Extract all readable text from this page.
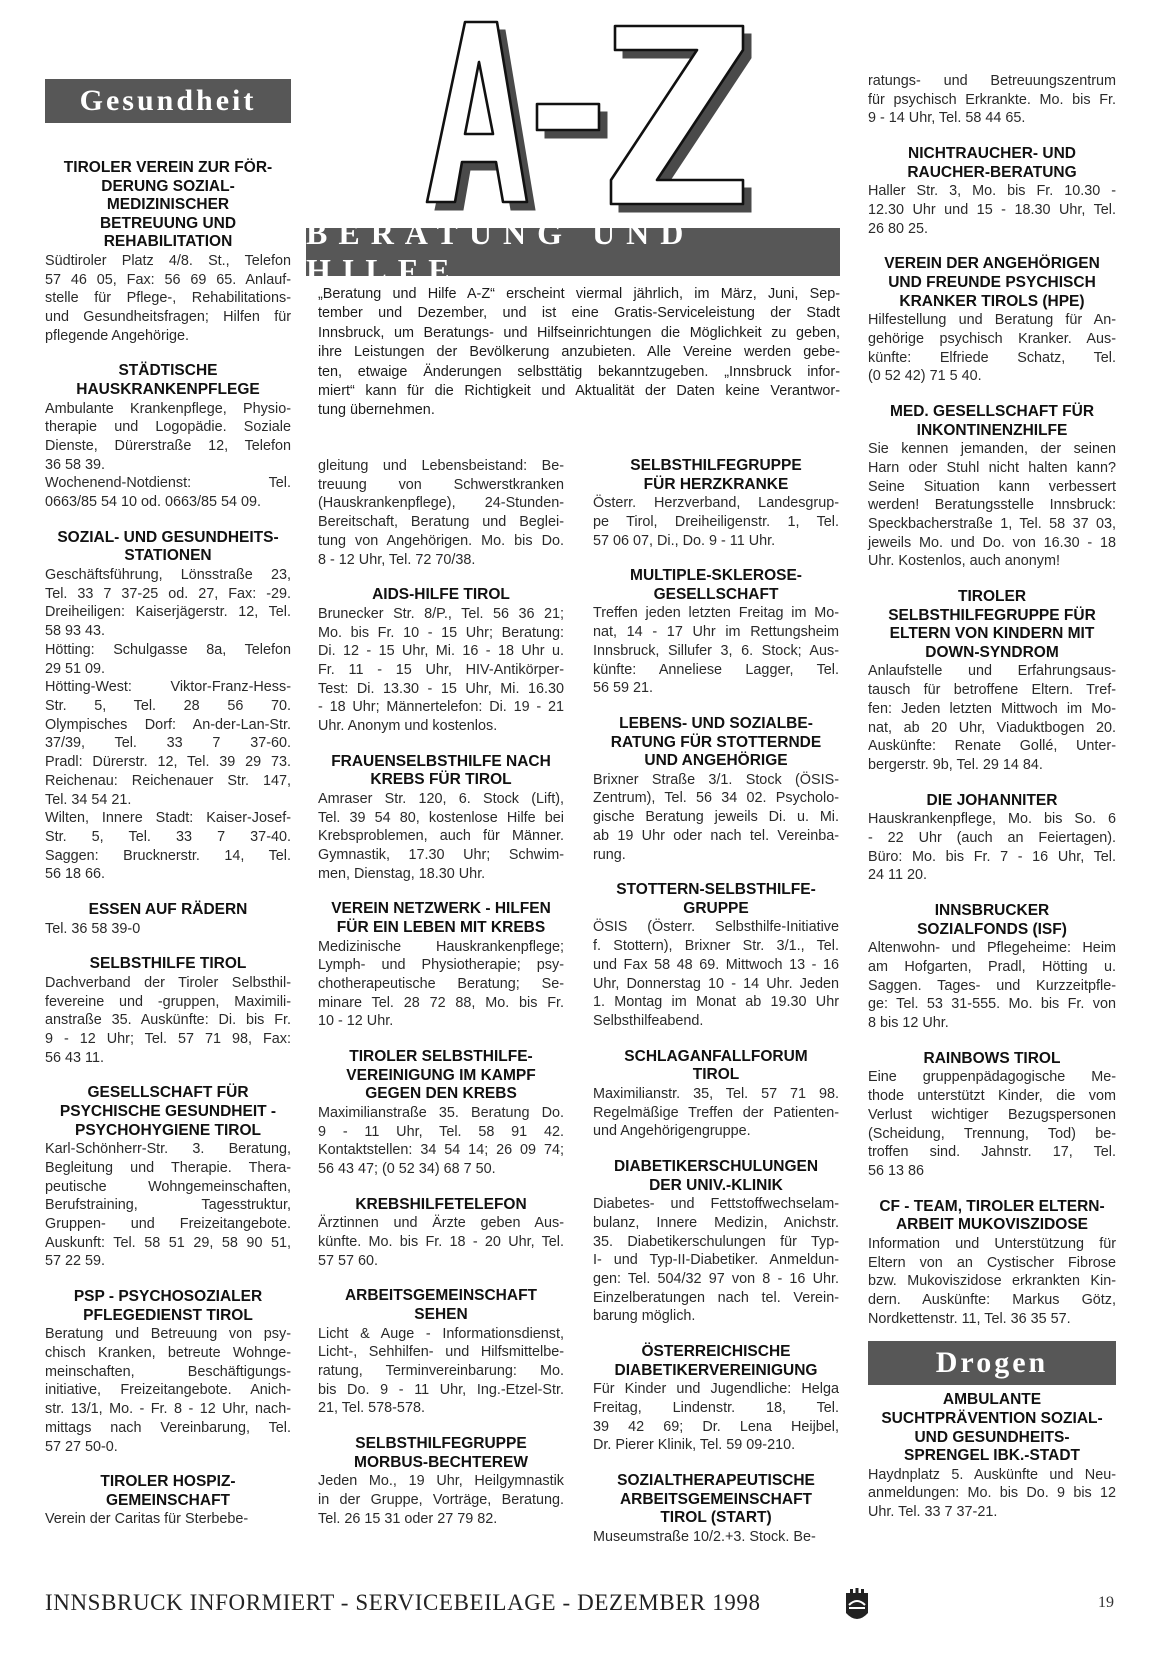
BERATUNG UND HILFE
„Beratung und Hilfe A-Z“ erscheint viermal jährlich, im März, Juni, Sep-
tember und Dezember, und ist eine Gratis-Serviceleistung der Stadt
Innsbruck, um Beratungs- und Hilfseinrichtungen die Möglichkeit zu geben,
ihre Leistungen der Bevölkerung anzubieten. Alle Vereine werden gebe-
ten, etwaige Änderungen selbsttätig bekanntzugeben. „Innsbruck infor-
miert“ kann für die Richtigkeit und Aktualität der Daten keine Verantwor-
tung übernehmen.
Gesundheit
TIROLER VEREIN ZUR FÖR-
DERUNG SOZIAL-
MEDIZINISCHER
BETREUUNG UND
REHABILITATION
Südtiroler Platz 4/8. St., Telefon
57 46 05, Fax: 56 69 65. Anlauf-
stelle für Pflege-, Rehabilitations-
und Gesundheitsfragen; Hilfen für
pflegende Angehörige.
STÄDTISCHE
HAUSKRANKENPFLEGE
Ambulante Krankenpflege, Physio-
therapie und Logopädie. Soziale
Dienste, Dürerstraße 12, Telefon
36 58 39.
Wochenend-Notdienst: Tel.
0663/85 54 10 od. 0663/85 54 09.
SOZIAL- UND GESUNDHEITS-
STATIONEN
Geschäftsführung, Lönsstraße 23,
Tel. 33 7 37-25 od. 27, Fax: -29.
Dreiheiligen: Kaiserjägerstr. 12, Tel.
58 93 43.
Hötting: Schulgasse 8a, Telefon
29 51 09.
Hötting-West: Viktor-Franz-Hess-
Str. 5, Tel. 28 56 70.
Olympisches Dorf: An-der-Lan-Str.
37/39, Tel. 33 7 37-60.
Pradl: Dürerstr. 12, Tel. 39 29 73.
Reichenau: Reichenauer Str. 147,
Tel. 34 54 21.
Wilten, Innere Stadt: Kaiser-Josef-
Str. 5, Tel. 33 7 37-40.
Saggen: Brucknerstr. 14, Tel.
56 18 66.
ESSEN AUF RÄDERN
Tel. 36 58 39-0
SELBSTHILFE TIROL
Dachverband der Tiroler Selbsthil-
fevereine und -gruppen, Maximili-
anstraße 35. Auskünfte: Di. bis Fr.
9 - 12 Uhr; Tel. 57 71 98, Fax:
56 43 11.
GESELLSCHAFT FÜR
PSYCHISCHE GESUNDHEIT -
PSYCHOHYGIENE TIROL
Karl-Schönherr-Str. 3. Beratung,
Begleitung und Therapie. Thera-
peutische Wohngemeinschaften,
Berufstraining, Tagesstruktur,
Gruppen- und Freizeitangebote.
Auskunft: Tel. 58 51 29, 58 90 51,
57 22 59.
PSP - PSYCHOSOZIALER
PFLEGEDIENST TIROL
Beratung und Betreuung von psy-
chisch Kranken, betreute Wohnge-
meinschaften, Beschäftigungs-
initiative, Freizeitangebote. Anich-
str. 13/1, Mo. - Fr. 8 - 12 Uhr, nach-
mittags nach Vereinbarung, Tel.
57 27 50-0.
TIROLER HOSPIZ-
GEMEINSCHAFT
Verein der Caritas für Sterbebe-
gleitung und Lebensbeistand: Be-
treuung von Schwerstkranken
(Hauskrankenpflege), 24-Stunden-
Bereitschaft, Beratung und Beglei-
tung von Angehörigen. Mo. bis Do.
8 - 12 Uhr, Tel. 72 70/38.
AIDS-HILFE TIROL
Brunecker Str. 8/P., Tel. 56 36 21;
Mo. bis Fr. 10 - 15 Uhr; Beratung:
Di. 12 - 15 Uhr, Mi. 16 - 18 Uhr u.
Fr. 11 - 15 Uhr, HIV-Antikörper-
Test: Di. 13.30 - 15 Uhr, Mi. 16.30
- 18 Uhr; Männertelefon: Di. 19 - 21
Uhr. Anonym und kostenlos.
FRAUENSELBSTHILFE NACH
KREBS FÜR TIROL
Amraser Str. 120, 6. Stock (Lift),
Tel. 39 54 80, kostenlose Hilfe bei
Krebsproblemen, auch für Männer.
Gymnastik, 17.30 Uhr; Schwim-
men, Dienstag, 18.30 Uhr.
VEREIN NETZWERK - HILFEN
FÜR EIN LEBEN MIT KREBS
Medizinische Hauskrankenpflege;
Lymph- und Physiotherapie; psy-
chotherapeutische Beratung; Se-
minare Tel. 28 72 88, Mo. bis Fr.
10 - 12 Uhr.
TIROLER SELBSTHILFE-
VEREINIGUNG IM KAMPF
GEGEN DEN KREBS
Maximilianstraße 35. Beratung Do.
9 - 11 Uhr, Tel. 58 91 42.
Kontaktstellen: 34 54 14; 26 09 74;
56 43 47; (0 52 34) 68 7 50.
KREBSHILFETELEFON
Ärztinnen und Ärzte geben Aus-
künfte. Mo. bis Fr. 18 - 20 Uhr, Tel.
57 57 60.
ARBEITSGEMEINSCHAFT
SEHEN
Licht & Auge - Informationsdienst,
Licht-, Sehhilfen- und Hilfsmittelbe-
ratung, Terminvereinbarung: Mo.
bis Do. 9 - 11 Uhr, Ing.-Etzel-Str.
21, Tel. 578-578.
SELBSTHILFEGRUPPE
MORBUS-BECHTEREW
Jeden Mo., 19 Uhr, Heilgymnastik
in der Gruppe, Vorträge, Beratung.
Tel. 26 15 31 oder 27 79 82.
SELBSTHILFEGRUPPE
FÜR HERZKRANKE
Österr. Herzverband, Landesgrup-
pe Tirol, Dreiheiligenstr. 1, Tel.
57 06 07, Di., Do. 9 - 11 Uhr.
MULTIPLE-SKLEROSE-
GESELLSCHAFT
Treffen jeden letzten Freitag im Mo-
nat, 14 - 17 Uhr im Rettungsheim
Innsbruck, Sillufer 3, 6. Stock; Aus-
künfte: Anneliese Lagger, Tel.
56 59 21.
LEBENS- UND SOZIALBE-
RATUNG FÜR STOTTERNDE
UND ANGEHÖRIGE
Brixner Straße 3/1. Stock (ÖSIS-
Zentrum), Tel. 56 34 02. Psycholo-
gische Beratung jeweils Di. u. Mi.
ab 19 Uhr oder nach tel. Vereinba-
rung.
STOTTERN-SELBSTHILFE-
GRUPPE
ÖSIS (Österr. Selbsthilfe-Initiative
f. Stottern), Brixner Str. 3/1., Tel.
und Fax 58 48 69. Mittwoch 13 - 16
Uhr, Donnerstag 10 - 14 Uhr. Jeden
1. Montag im Monat ab 19.30 Uhr
Selbsthilfeabend.
SCHLAGANFALLFORUM
TIROL
Maximilianstr. 35, Tel. 57 71 98.
Regelmäßige Treffen der Patienten-
und Angehörigengruppe.
DIABETIKERSCHULUNGEN
DER UNIV.-KLINIK
Diabetes- und Fettstoffwechselam-
bulanz, Innere Medizin, Anichstr.
35. Diabetikerschulungen für Typ-
I- und Typ-II-Diabetiker. Anmeldun-
gen: Tel. 504/32 97 von 8 - 16 Uhr.
Einzelberatungen nach tel. Verein-
barung möglich.
ÖSTERREICHISCHE
DIABETIKERVEREINIGUNG
Für Kinder und Jugendliche: Helga
Freitag, Lindenstr. 18, Tel.
39 42 69; Dr. Lena Heijbel,
Dr. Pierer Klinik, Tel. 59 09-210.
SOZIALTHERAPEUTISCHE
ARBEITSGEMEINSCHAFT
TIROL (START)
Museumstraße 10/2.+3. Stock. Be-
ratungs- und Betreuungszentrum
für psychisch Erkrankte. Mo. bis Fr.
9 - 14 Uhr, Tel. 58 44 65.
NICHTRAUCHER- UND
RAUCHER-BERATUNG
Haller Str. 3, Mo. bis Fr. 10.30 -
12.30 Uhr und 15 - 18.30 Uhr, Tel.
26 80 25.
VEREIN DER ANGEHÖRIGEN
UND FREUNDE PSYCHISCH
KRANKER TIROLS (HPE)
Hilfestellung und Beratung für An-
gehörige psychisch Kranker. Aus-
künfte: Elfriede Schatz, Tel.
(0 52 42) 71 5 40.
MED. GESELLSCHAFT FÜR
INKONTINENZHILFE
Sie kennen jemanden, der seinen
Harn oder Stuhl nicht halten kann?
Seine Situation kann verbessert
werden! Beratungsstelle Innsbruck:
Speckbacherstraße 1, Tel. 58 37 03,
jeweils Mo. und Do. von 16.30 - 18
Uhr. Kostenlos, auch anonym!
TIROLER
SELBSTHILFEGRUPPE FÜR
ELTERN VON KINDERN MIT
DOWN-SYNDROM
Anlaufstelle und Erfahrungsaus-
tausch für betroffene Eltern. Tref-
fen: Jeden letzten Mittwoch im Mo-
nat, ab 20 Uhr, Viaduktbogen 20.
Auskünfte: Renate Gollé, Unter-
bergerstr. 9b, Tel. 29 14 84.
DIE JOHANNITER
Hauskrankenpflege, Mo. bis So. 6
- 22 Uhr (auch an Feiertagen).
Büro: Mo. bis Fr. 7 - 16 Uhr, Tel.
24 11 20.
INNSBRUCKER
SOZIALFONDS (ISF)
Altenwohn- und Pflegeheime: Heim
am Hofgarten, Pradl, Hötting u.
Saggen. Tages- und Kurzzeitpfle-
ge: Tel. 53 31-555. Mo. bis Fr. von
8 bis 12 Uhr.
RAINBOWS TIROL
Eine gruppenpädagogische Me-
thode unterstützt Kinder, die vom
Verlust wichtiger Bezugspersonen
(Scheidung, Trennung, Tod) be-
troffen sind. Jahnstr. 17, Tel.
56 13 86
CF - TEAM, TIROLER ELTERN-
ARBEIT MUKOVISZIDOSE
Information und Unterstützung für
Eltern von an Cystischer Fibrose
bzw. Mukoviszidose erkrankten Kin-
dern. Auskünfte: Markus Götz,
Nordkettenstr. 11, Tel. 36 35 57.
Drogen
AMBULANTE
SUCHTPRÄVENTION SOZIAL-
UND GESUNDHEITS-
SPRENGEL IBK.-STADT
Haydnplatz 5. Auskünfte und Neu-
anmeldungen: Mo. bis Do. 9 bis 12
Uhr. Tel. 33 7 37-21.
INNSBRUCK INFORMIERT - SERVICEBEILAGE - DEZEMBER 1998	19
